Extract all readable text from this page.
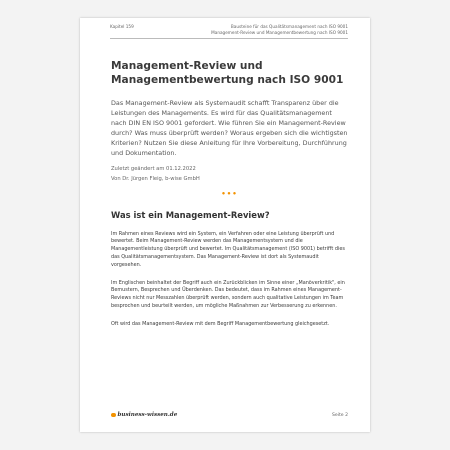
Kapitel 159	Bausteine für das Qualitätsmanagement nach ISO 9001
Management-Review und Managementbewertung nach ISO 9001
Management-Review und Managementbewertung nach ISO 9001

Das Management-Review als Systemaudit schafft Transparenz über die Leistungen des Managements. Es wird für das Qualitätsmanagement nach DIN EN ISO 9001 gefordert. Wie führen Sie ein Management-Review durch? Was muss überprüft werden? Woraus ergeben sich die wichtigsten Kriterien? Nutzen Sie diese Anleitung für Ihre Vorbereitung, Durchführung und Dokumentation.

Zuletzt geändert am 01.12.2022
Von Dr. Jürgen Fleig, b-wise GmbH
•••
Was ist ein Management-Review?

Im Rahmen eines Reviews wird ein System, ein Verfahren oder eine Leistung überprüft und bewertet. Beim Management-Review werden das Managementsystem und die Managementleistung überprüft und bewertet. Im Qualitätsmanagement (ISO 9001) betrifft dies das Qualitätsmanagementsystem. Das Management-Review ist dort als Systemaudit vorgesehen.

Im Englischen beinhaltet der Begriff auch ein Zurückblicken im Sinne einer „Manöverkritik", ein Bemustern, Besprechen und Überdenken. Das bedeutet, dass im Rahmen eines Management-Reviews nicht nur Messzahlen überprüft werden, sondern auch qualitative Leistungen im Team besprochen und beurteilt werden, um mögliche Maßnahmen zur Verbesserung zu erkennen.

Oft wird das Management-Review mit dem Begriff Managementbewertung gleichgesetzt.

business-wissen.de	Seite 2
